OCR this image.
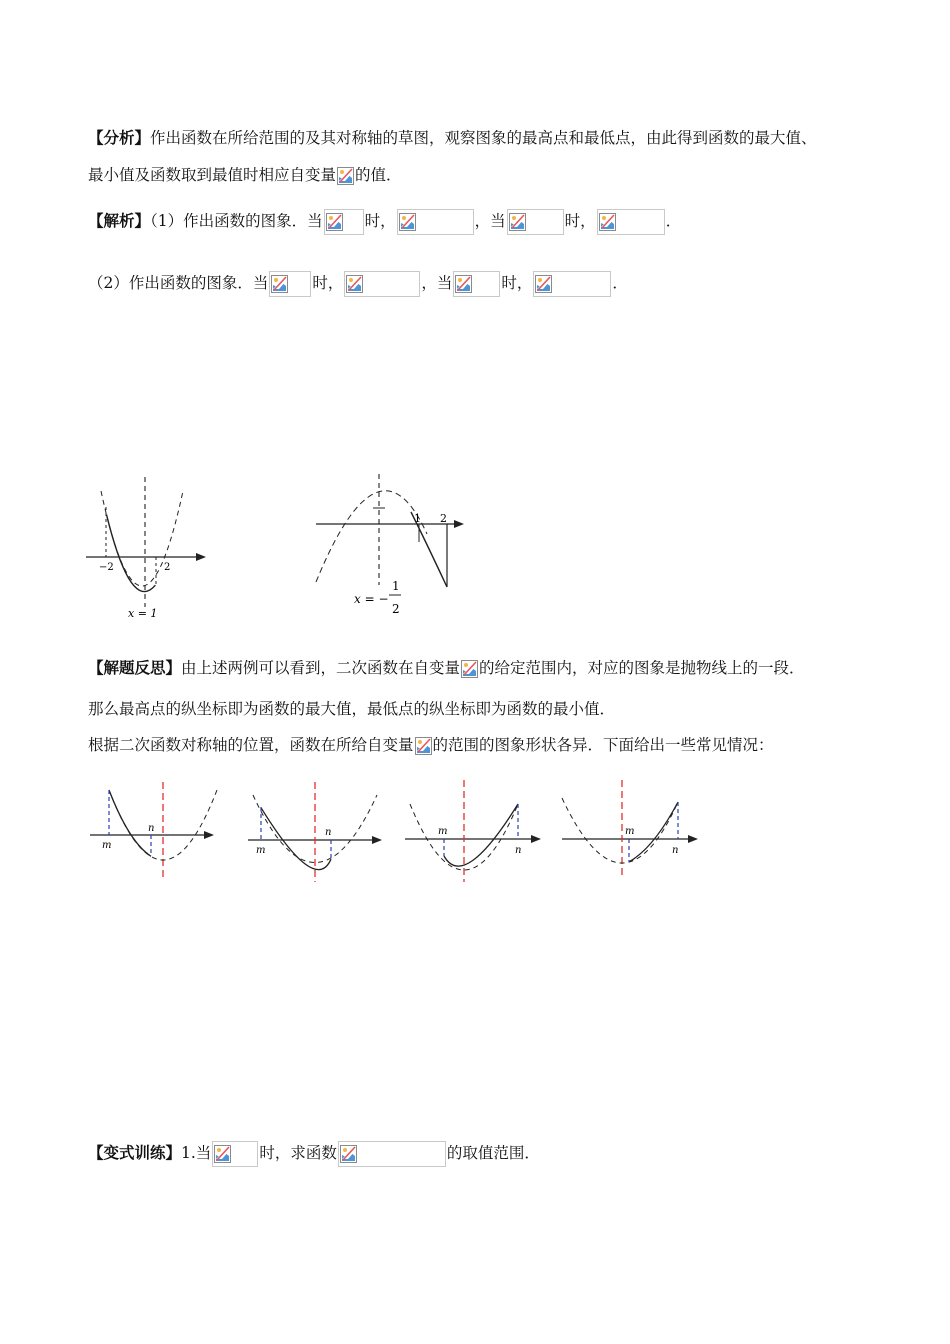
【分析】作出函数在所给范围的及其对称轴的草图，观察图象的最高点和最低点，由此得到函数的最大值、
最小值及函数取到最值时相应自变量 的值．
【解析】（1）作出函数的图象．当	时，	，当	时，	．
（2）作出函数的图象．当	时，	，当	时，	．
−2	2
x = 1
1 2
x = −
1
2
【解题反思】由上述两例可以看到，二次函数在自变量 的给定范围内，对应的图象是抛物线上的一段．
那么最高点的纵坐标即为函数的最大值，最低点的纵坐标即为函数的最小值．
根据二次函数对称轴的位置，函数在所给自变量 的范围的图象形状各异．下面给出一些常见情况：
m
n
m
n	m
n
m
n
【变式训练】1.当	时，求函数	的取值范围．
